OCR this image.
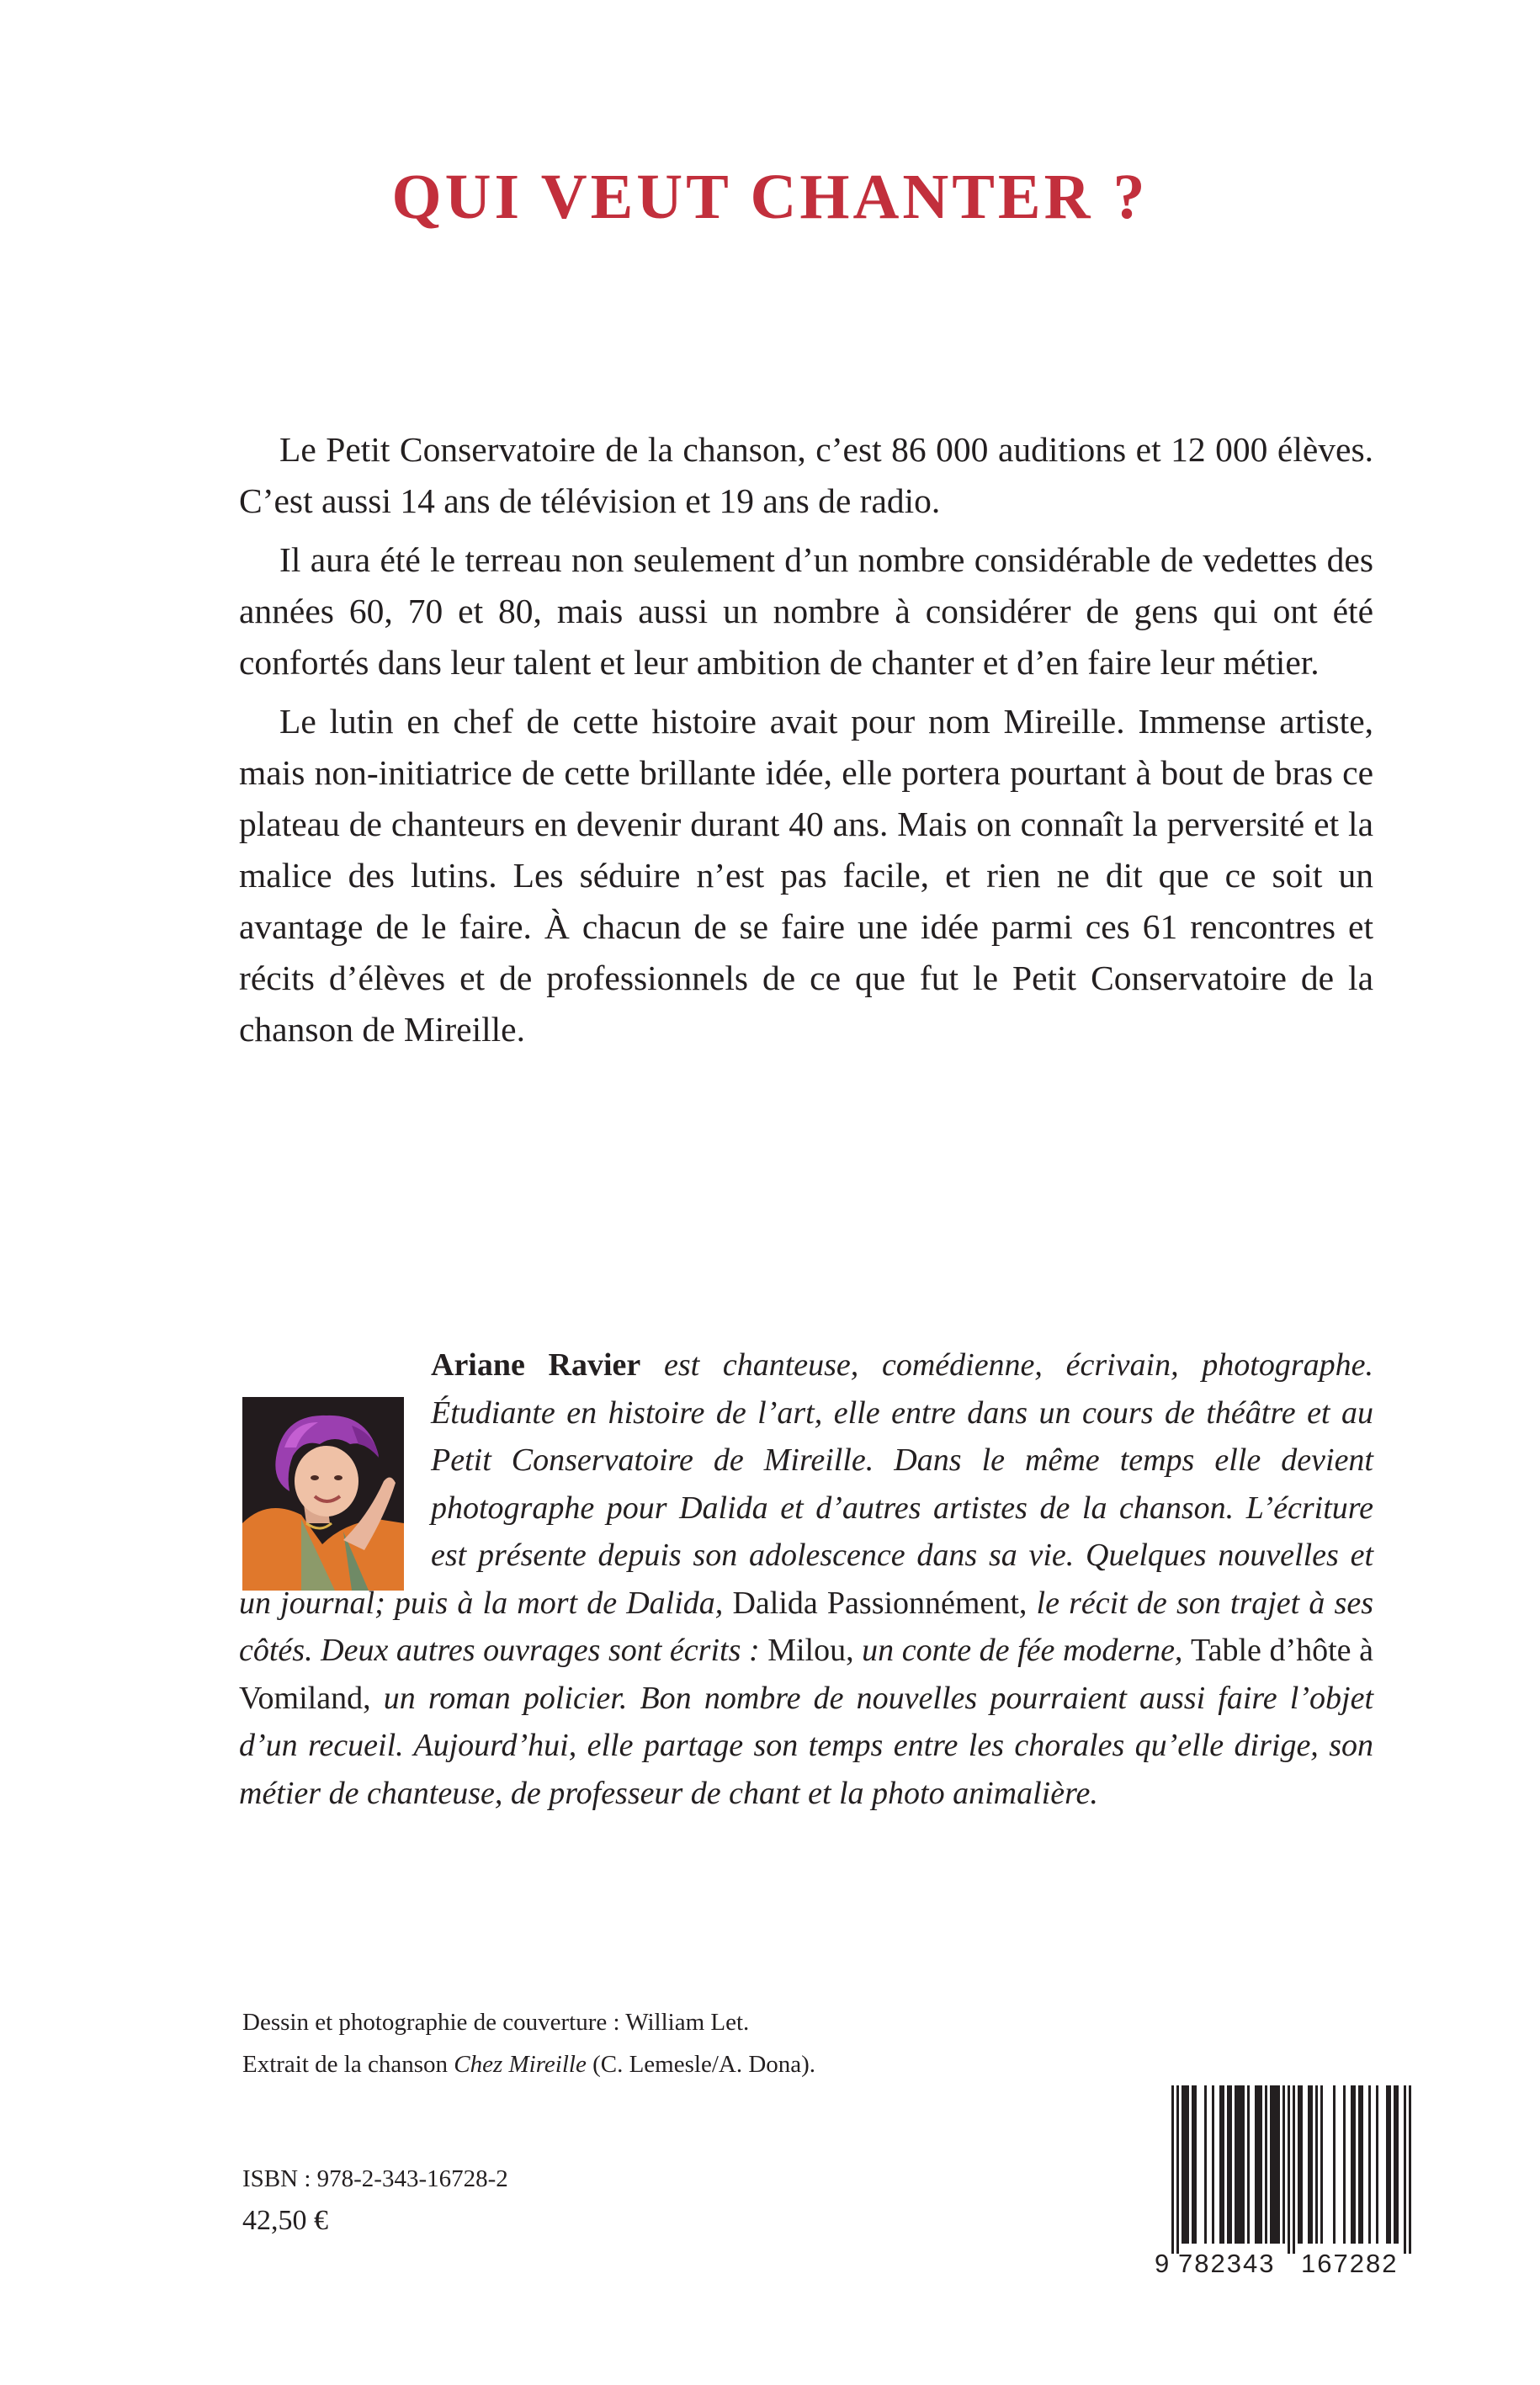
QUI VEUT CHANTER ?

Le Petit Conservatoire de la chanson, c’est 86 000 auditions et 12 000 élèves. C’est aussi 14 ans de télévision et 19 ans de radio.

Il aura été le terreau non seulement d’un nombre considérable de vedettes des années 60, 70 et 80, mais aussi un nombre à considérer de gens qui ont été confortés dans leur talent et leur ambition de chanter et d’en faire leur métier.

Le lutin en chef de cette histoire avait pour nom Mireille. Immense artiste, mais non-initiatrice de cette brillante idée, elle portera pourtant à bout de bras ce plateau de chanteurs en devenir durant 40 ans. Mais on connaît la perversité et la malice des lutins. Les séduire n’est pas facile, et rien ne dit que ce soit un avantage de le faire. À chacun de se faire une idée parmi ces 61 rencontres et récits d’élèves et de professionnels de ce que fut le Petit Conservatoire de la chanson de Mireille.

Ariane Ravier est chanteuse, comédienne, écrivain, photographe. Étudiante en histoire de l’art, elle entre dans un cours de théâtre et au Petit Conservatoire de Mireille. Dans le même temps elle devient photographe pour Dalida et d’autres artistes de la chanson. L’écriture est présente depuis son adolescence dans sa vie. Quelques nouvelles et un journal; puis à la mort de Dalida, Dalida Passionnément, le récit de son trajet à ses côtés. Deux autres ouvrages sont écrits : Milou, un conte de fée moderne, Table d’hôte à Vomiland, un roman policier. Bon nombre de nouvelles pourraient aussi faire l’objet d’un recueil. Aujourd’hui, elle partage son temps entre les chorales qu’elle dirige, son métier de chanteuse, de professeur de chant et la photo animalière.
Dessin et photographie de couverture : William Let.
Extrait de la chanson Chez Mireille (C. Lemesle/A. Dona).
ISBN : 978-2-343-16728-2
42,50 €
9 782343 167282
